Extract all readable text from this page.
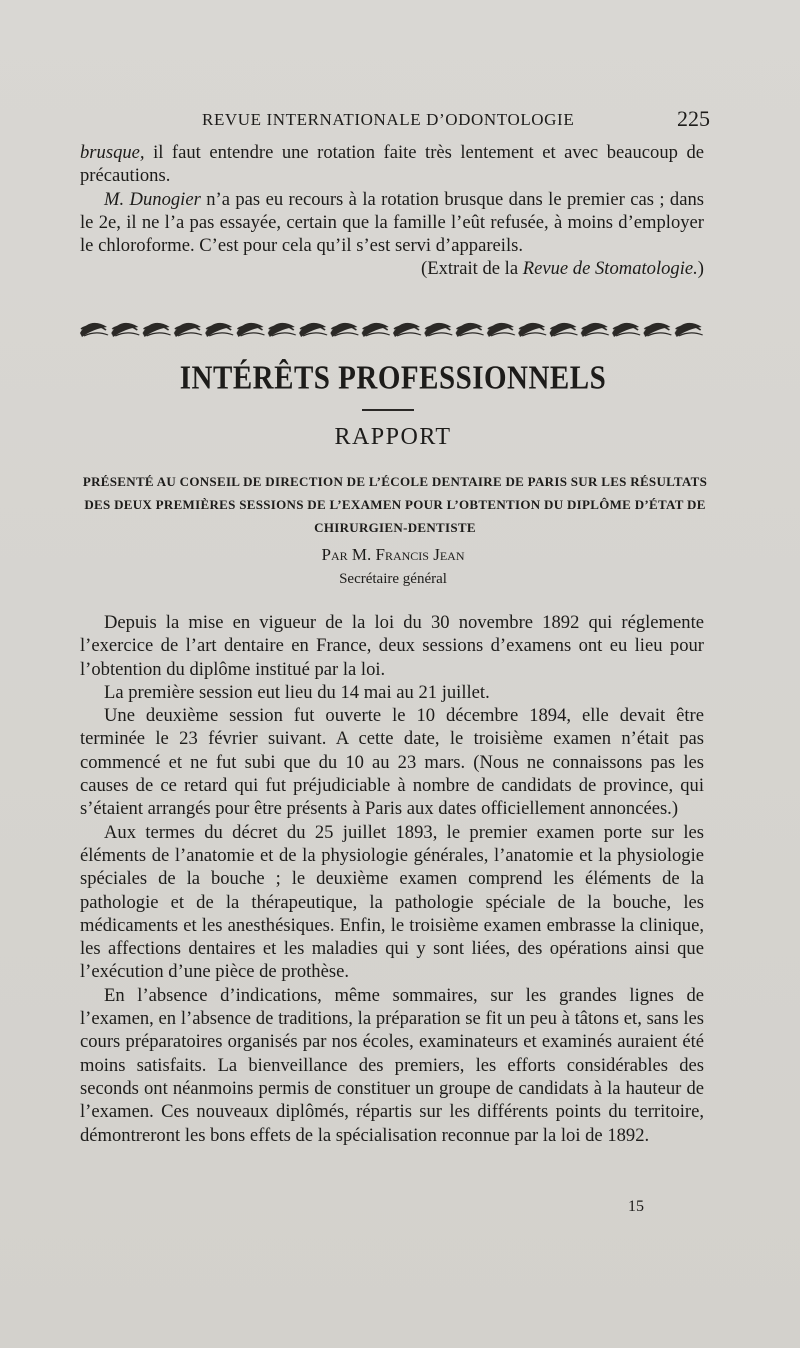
REVUE INTERNATIONALE D’ODONTOLOGIE	225

brusque, il faut entendre une rotation faite très lentement et avec beaucoup de précautions.

M. Dunogier n’a pas eu recours à la rotation brusque dans le premier cas ; dans le 2e, il ne l’a pas essayée, certain que la famille l’eût refusée, à moins d’employer le chloroforme. C’est pour cela qu’il s’est servi d’appareils.

(Extrait de la Revue de Stomatologie.)

INTÉRÊTS PROFESSIONNELS
RAPPORT
PRÉSENTÉ AU CONSEIL DE DIRECTION DE L’ÉCOLE DENTAIRE DE PARIS SUR LES RÉSULTATS DES DEUX PREMIÈRES SESSIONS DE L’EXAMEN POUR L’OBTENTION DU DIPLÔME D’ÉTAT DE CHIRURGIEN-DENTISTE
Par M. Francis Jean
Secrétaire général

Depuis la mise en vigueur de la loi du 30 novembre 1892 qui réglemente l’exercice de l’art dentaire en France, deux sessions d’examens ont eu lieu pour l’obtention du diplôme institué par la loi.

La première session eut lieu du 14 mai au 21 juillet.

Une deuxième session fut ouverte le 10 décembre 1894, elle devait être terminée le 23 février suivant. A cette date, le troisième examen n’était pas commencé et ne fut subi que du 10 au 23 mars. (Nous ne connaissons pas les causes de ce retard qui fut préjudiciable à nombre de candidats de province, qui s’étaient arrangés pour être présents à Paris aux dates officiellement annoncées.)

Aux termes du décret du 25 juillet 1893, le premier examen porte sur les éléments de l’anatomie et de la physiologie générales, l’anatomie et la physiologie spéciales de la bouche ; le deuxième examen comprend les éléments de la pathologie et de la thérapeutique, la pathologie spéciale de la bouche, les médicaments et les anesthésiques. Enfin, le troisième examen embrasse la clinique, les affections dentaires et les maladies qui y sont liées, des opérations ainsi que l’exécution d’une pièce de prothèse.

En l’absence d’indications, même sommaires, sur les grandes lignes de l’examen, en l’absence de traditions, la préparation se fit un peu à tâtons et, sans les cours préparatoires organisés par nos écoles, examinateurs et examinés auraient été moins satisfaits. La bienveillance des premiers, les efforts considérables des seconds ont néanmoins permis de constituer un groupe de candidats à la hauteur de l’examen. Ces nouveaux diplômés, répartis sur les différents points du territoire, démontreront les bons effets de la spécialisation reconnue par la loi de 1892.

15
